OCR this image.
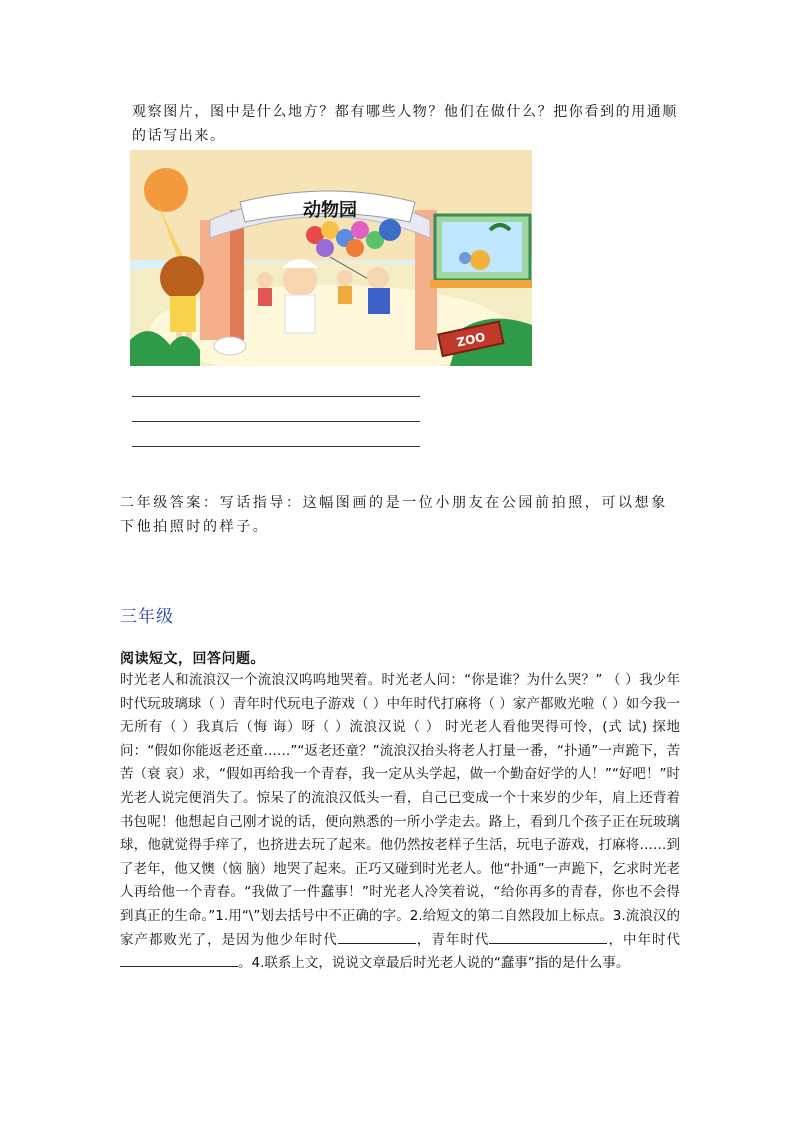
观察图片，图中是什么地方？都有哪些人物？他们在做什么？把你看到的用通顺的话写出来。

动物园
ZOO

二年级答案：写话指导：这幅图画的是一位小朋友在公园前拍照，可以想象下他拍照时的样子。

三年级

阅读短文，回答问题。

时光老人和流浪汉一个流浪汉呜呜地哭着。时光老人问：“你是谁？为什么哭？” （ ）我少年时代玩玻璃球（ ）青年时代玩电子游戏（ ）中年时代打麻将（ ）家产都败光啦（ ）如今我一无所有（ ）我真后（悔 诲）呀（ ）流浪汉说（ ） 时光老人看他哭得可怜，(式 试) 探地问：“假如你能返老还童……”“返老还童？”流浪汉抬头将老人打量一番，“扑通”一声跪下，苦苦（衰 哀）求，“假如再给我一个青春，我一定从头学起，做一个勤奋好学的人！”“好吧！”时光老人说完便消失了。惊呆了的流浪汉低头一看，自己已变成一个十来岁的少年，肩上还背着书包呢！他想起自己刚才说的话，便向熟悉的一所小学走去。路上，看到几个孩子正在玩玻璃球，他就觉得手痒了，也挤进去玩了起来。他仍然按老样子生活，玩电子游戏，打麻将……到了老年，他又懊（恼 脑）地哭了起来。正巧又碰到时光老人。他“扑通”一声跪下，乞求时光老人再给他一个青春。“我做了一件蠢事！”时光老人冷笑着说，“给你再多的青春，你也不会得到真正的生命。”1.用“\”划去括号中不正确的字。2.给短文的第二自然段加上标点。3.流浪汉的家产都败光了，是因为他少年时代	，青年时代	，中年时代。4.联系上文，说说文章最后时光老人说的“蠢事”指的是什么事。
